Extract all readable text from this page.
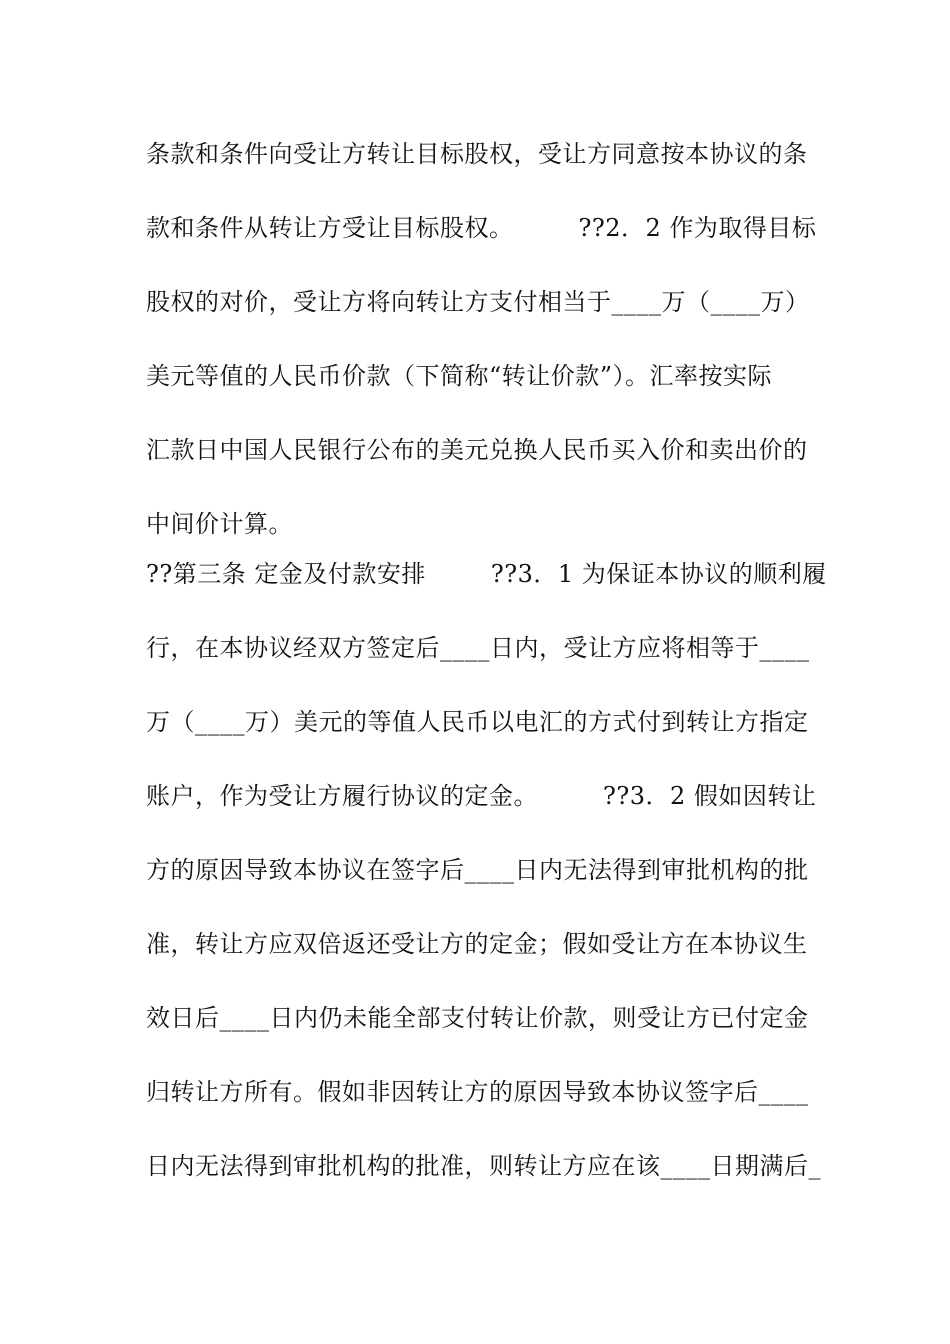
条款和条件向受让方转让目标股权，受让方同意按本协议的条
款和条件从转让方受让目标股权。        ??2．2 作为取得目标
股权的对价，受让方将向转让方支付相当于____万（____万）
美元等值的人民币价款（下简称“转让价款”）。汇率按实际
汇款日中国人民银行公布的美元兑换人民币买入价和卖出价的
中间价计算。
??第三条 定金及付款安排        ??3．1 为保证本协议的顺利履
行，在本协议经双方签定后____日内，受让方应将相等于____
万（____万）美元的等值人民币以电汇的方式付到转让方指定
账户，作为受让方履行协议的定金。        ??3．2 假如因转让
方的原因导致本协议在签字后____日内无法得到审批机构的批
准，转让方应双倍返还受让方的定金；假如受让方在本协议生
效日后____日内仍未能全部支付转让价款，则受让方已付定金
归转让方所有。假如非因转让方的原因导致本协议签字后____
日内无法得到审批机构的批准，则转让方应在该____日期满后_
